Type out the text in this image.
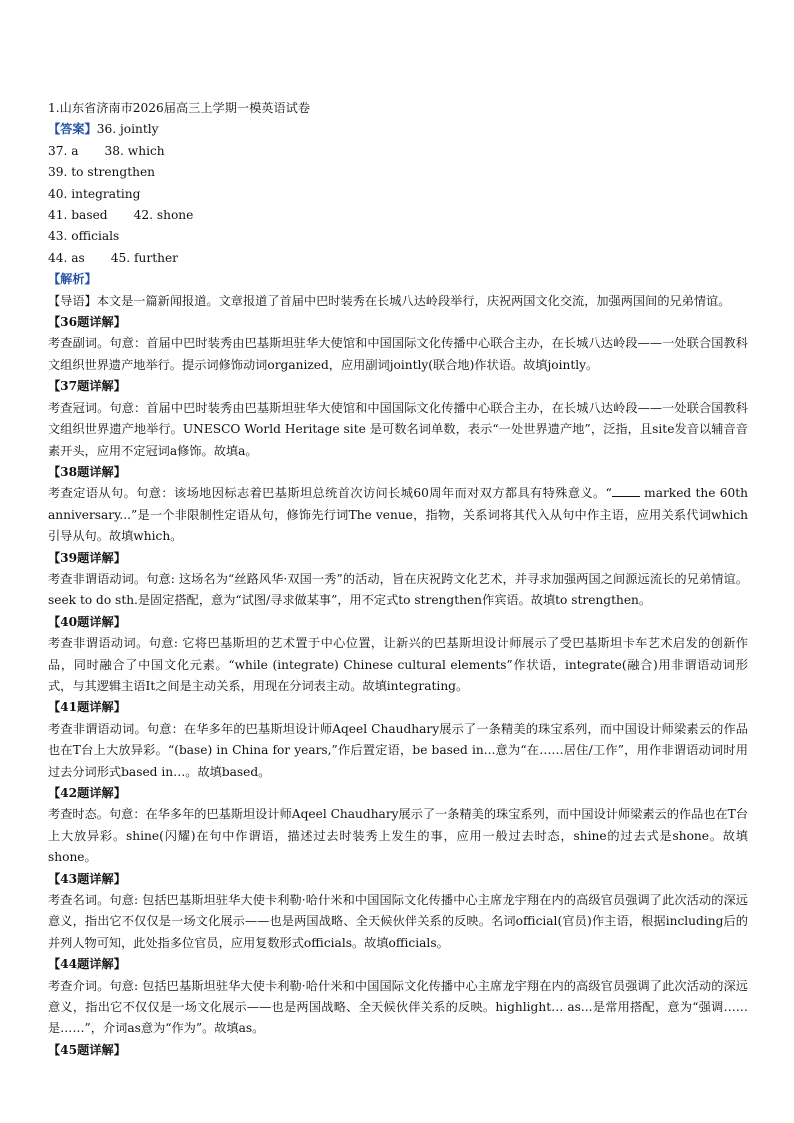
1.山东省济南市2026届高三上学期一模英语试卷
【答案】36. jointly
37. a 38. which
39. to strengthen
40. integrating
41. based 42. shone
43. officials
44. as 45. further
【解析】
【导语】本文是一篇新闻报道。文章报道了首届中巴时装秀在长城八达岭段举行，庆祝两国文化交流，加强两国间的兄弟情谊。
【36题详解】
考查副词。句意：首届中巴时装秀由巴基斯坦驻华大使馆和中国国际文化传播中心联合主办，在长城八达岭段——一处联合国教科文组织世界遗产地举行。提示词修饰动词organized，应用副词jointly(联合地)作状语。故填jointly。
【37题详解】
考查冠词。句意：首届中巴时装秀由巴基斯坦驻华大使馆和中国国际文化传播中心联合主办，在长城八达岭段——一处联合国教科文组织世界遗产地举行。UNESCO World Heritage site 是可数名词单数，表示“一处世界遗产地”，泛指，且site发音以辅音音素开头，应用不定冠词a修饰。故填a。
【38题详解】
考查定语从句。句意：该场地因标志着巴基斯坦总统首次访问长城60周年而对双方都具有特殊意义。“ marked the 60th anniversary...”是一个非限制性定语从句，修饰先行词The venue，指物，关系词将其代入从句中作主语，应用关系代词which引导从句。故填which。
【39题详解】
考查非谓语动词。句意: 这场名为“丝路风华·双国一秀”的活动，旨在庆祝跨文化艺术，并寻求加强两国之间源远流长的兄弟情谊。seek to do sth.是固定搭配，意为“试图/寻求做某事”，用不定式to strengthen作宾语。故填to strengthen。
【40题详解】
考查非谓语动词。句意: 它将巴基斯坦的艺术置于中心位置，让新兴的巴基斯坦设计师展示了受巴基斯坦卡车艺术启发的创新作品，同时融合了中国文化元素。“while (integrate) Chinese cultural elements”作状语，integrate(融合)用非谓语动词形式，与其逻辑主语It之间是主动关系，用现在分词表主动。故填integrating。
【41题详解】
考查非谓语动词。句意：在华多年的巴基斯坦设计师Aqeel Chaudhary展示了一条精美的珠宝系列，而中国设计师梁素云的作品也在T台上大放异彩。“(base) in China for years,”作后置定语，be based in...意为“在……居住/工作”，用作非谓语动词时用过去分词形式based in…。故填based。
【42题详解】
考查时态。句意：在华多年的巴基斯坦设计师Aqeel Chaudhary展示了一条精美的珠宝系列，而中国设计师梁素云的作品也在T台上大放异彩。shine(闪耀)在句中作谓语，描述过去时装秀上发生的事，应用一般过去时态，shine的过去式是shone。故填shone。
【43题详解】
考查名词。句意: 包括巴基斯坦驻华大使卡利勒·哈什米和中国国际文化传播中心主席龙宇翔在内的高级官员强调了此次活动的深远意义，指出它不仅仅是一场文化展示——也是两国战略、全天候伙伴关系的反映。名词official(官员)作主语，根据including后的并列人物可知，此处指多位官员，应用复数形式officials。故填officials。
【44题详解】
考查介词。句意: 包括巴基斯坦驻华大使卡利勒·哈什米和中国国际文化传播中心主席龙宇翔在内的高级官员强调了此次活动的深远意义，指出它不仅仅是一场文化展示——也是两国战略、全天候伙伴关系的反映。highlight… as...是常用搭配，意为“强调……是……”，介词as意为“作为”。故填as。
【45题详解】
